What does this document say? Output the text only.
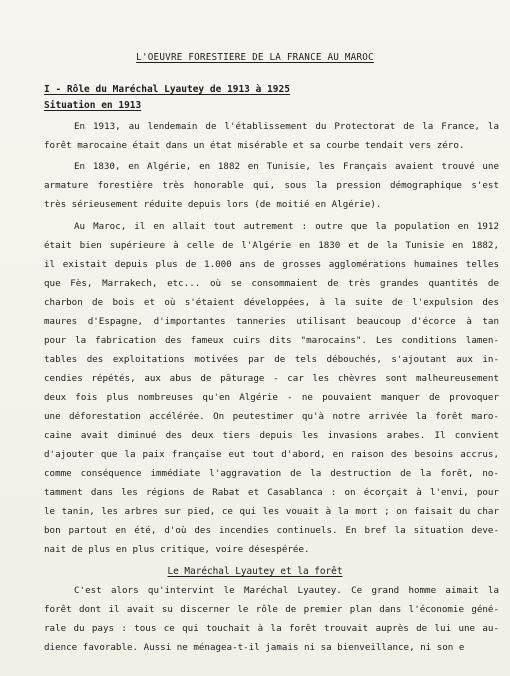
L'OEUVRE FORESTIERE DE LA FRANCE AU MAROC
I - Rôle du Maréchal Lyautey de 1913 à 1925
Situation en 1913
En 1913, au lendemain de l'établissement du Protectorat de la France, la
forêt marocaine était dans un état misérable et sa courbe tendait vers zéro.
En 1830, en Algérie, en 1882 en Tunisie, les Français avaient trouvé une
armature forestière très honorable qui, sous la pression démographique s'est
très sérieusement réduite depuis lors (de moitié en Algérie).
Au Maroc, il en allait tout autrement : outre que la population en 1912
était bien supérieure à celle de l'Algérie en 1830 et de la Tunisie en 1882,
il existait depuis plus de 1.000 ans de grosses agglomérations humaines telles
que Fès, Marrakech, etc... où se consommaient de très grandes quantités de
charbon de bois et où s'étaient développées, à la suite de l'expulsion des
maures d'Espagne, d'importantes tanneries utilisant beaucoup d'écorce à tan
pour la fabrication des fameux cuirs dits "marocains". Les conditions lamen-
tables des exploitations motivées par de tels débouchés, s'ajoutant aux in-
cendies répétés, aux abus de pâturage - car les chèvres sont malheureusement
deux fois plus nombreuses qu'en Algérie - ne pouvaient manquer de provoquer
une déforestation accélérée. On peutestimer qu'à notre arrivée la forêt maro-
caine avait diminué des deux tiers depuis les invasions arabes. Il convient
d'ajouter que la paix française eut tout d'abord, en raison des besoins accrus,
comme conséquence immédiate l'aggravation de la destruction de la forêt, no-
tamment dans les régions de Rabat et Casablanca : on écorçait à l'envi, pour
le tanin, les arbres sur pied, ce qui les vouait à la mort ; on faisait du char
bon partout en été, d'où des incendies continuels. En bref la situation deve-
nait de plus en plus critique, voire désespérée.
Le Maréchal Lyautey et la forêt
C'est alors qu'intervint le Maréchal Lyautey. Ce grand homme aimait la
forêt dont il avait su discerner le rôle de premier plan dans l'économie géné-
rale du pays : tous ce qui touchait à la forêt trouvait auprès de lui une au-
dience favorable. Aussi ne ménagea-t-il jamais ni sa bienveillance, ni son e
